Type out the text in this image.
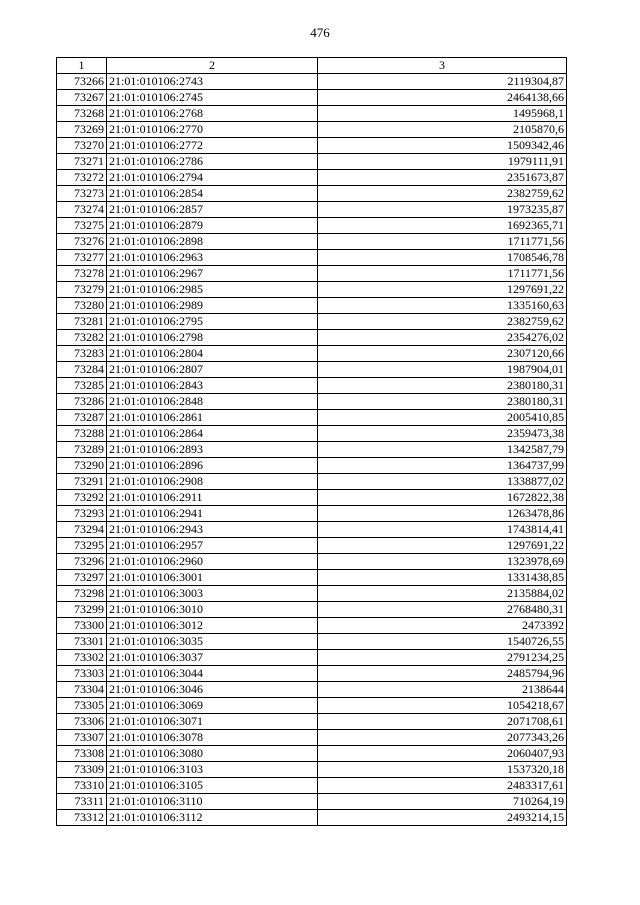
476
1	2	3
73266	21:01:010106:2743	2119304,87
73267	21:01:010106:2745	2464138,66
73268	21:01:010106:2768	1495968,1
73269	21:01:010106:2770	2105870,6
73270	21:01:010106:2772	1509342,46
73271	21:01:010106:2786	1979111,91
73272	21:01:010106:2794	2351673,87
73273	21:01:010106:2854	2382759,62
73274	21:01:010106:2857	1973235,87
73275	21:01:010106:2879	1692365,71
73276	21:01:010106:2898	1711771,56
73277	21:01:010106:2963	1708546,78
73278	21:01:010106:2967	1711771,56
73279	21:01:010106:2985	1297691,22
73280	21:01:010106:2989	1335160,63
73281	21:01:010106:2795	2382759,62
73282	21:01:010106:2798	2354276,02
73283	21:01:010106:2804	2307120,66
73284	21:01:010106:2807	1987904,01
73285	21:01:010106:2843	2380180,31
73286	21:01:010106:2848	2380180,31
73287	21:01:010106:2861	2005410,85
73288	21:01:010106:2864	2359473,38
73289	21:01:010106:2893	1342587,79
73290	21:01:010106:2896	1364737,99
73291	21:01:010106:2908	1338877,02
73292	21:01:010106:2911	1672822,38
73293	21:01:010106:2941	1263478,86
73294	21:01:010106:2943	1743814,41
73295	21:01:010106:2957	1297691,22
73296	21:01:010106:2960	1323978,69
73297	21:01:010106:3001	1331438,85
73298	21:01:010106:3003	2135884,02
73299	21:01:010106:3010	2768480,31
73300	21:01:010106:3012	2473392
73301	21:01:010106:3035	1540726,55
73302	21:01:010106:3037	2791234,25
73303	21:01:010106:3044	2485794,96
73304	21:01:010106:3046	2138644
73305	21:01:010106:3069	1054218,67
73306	21:01:010106:3071	2071708,61
73307	21:01:010106:3078	2077343,26
73308	21:01:010106:3080	2060407,93
73309	21:01:010106:3103	1537320,18
73310	21:01:010106:3105	2483317,61
73311	21:01:010106:3110	710264,19
73312	21:01:010106:3112	2493214,15
